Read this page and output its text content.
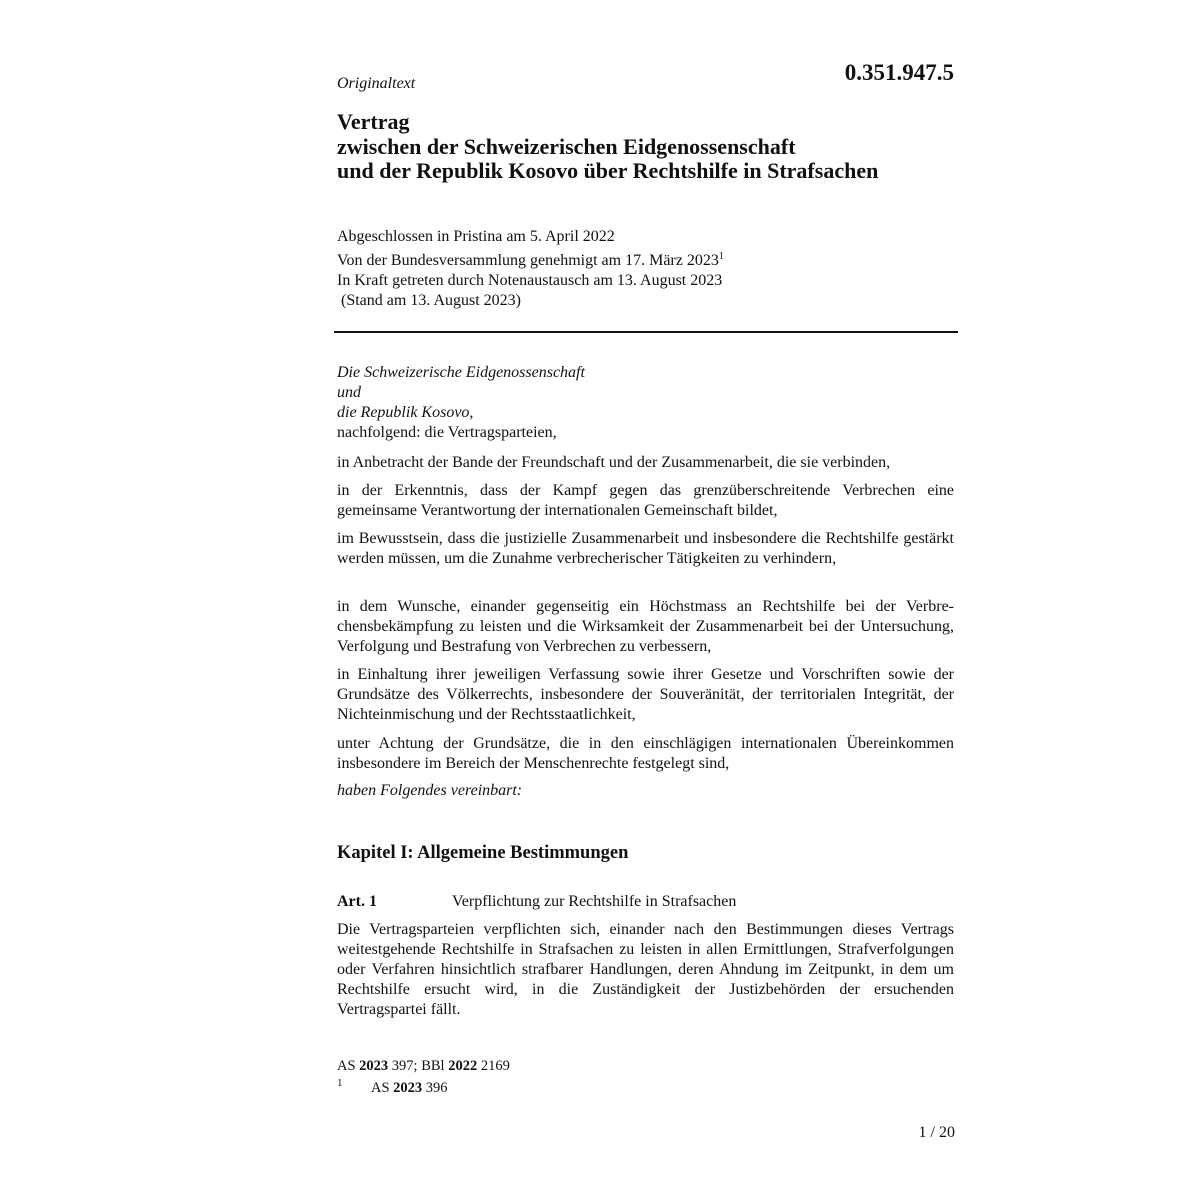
Originaltext	0.351.947.5

Vertrag
zwischen der Schweizerischen Eidgenossenschaft
und der Republik Kosovo über Rechtshilfe in Strafsachen
Abgeschlossen in Pristina am 5. April 2022
Von der Bundesversammlung genehmigt am 17. März 2023$^1$
In Kraft getreten durch Notenaustausch am 13. August 2023
(Stand am 13. August 2023)
Die Schweizerische Eidgenossenschaft
und
die Republik Kosovo,
nachfolgend: die Vertragsparteien,

in Anbetracht der Bande der Freundschaft und der Zusammenarbeit, die sie verbinden,

in der Erkenntnis, dass der Kampf gegen das grenzüberschreitende Verbrechen eine gemeinsame Verantwortung der internationalen Gemeinschaft bildet,

im Bewusstsein, dass die justizielle Zusammenarbeit und insbesondere die Rechtshilfe gestärkt werden müssen, um die Zunahme verbrecherischer Tätigkeiten zu verhindern,

in dem Wunsche, einander gegenseitig ein Höchstmass an Rechtshilfe bei der Verbrechensbekämpfung zu leisten und die Wirksamkeit der Zusammenarbeit bei der Untersuchung, Verfolgung und Bestrafung von Verbrechen zu verbessern,

in Einhaltung ihrer jeweiligen Verfassung sowie ihrer Gesetze und Vorschriften sowie der Grundsätze des Völkerrechts, insbesondere der Souveränität, der territorialen Integrität, der Nichteinmischung und der Rechtsstaatlichkeit,

unter Achtung der Grundsätze, die in den einschlägigen internationalen Übereinkommen insbesondere im Bereich der Menschenrechte festgelegt sind,

haben Folgendes vereinbart:

Kapitel I: Allgemeine Bestimmungen
Art. 1	Verpflichtung zur Rechtshilfe in Strafsachen

Die Vertragsparteien verpflichten sich, einander nach den Bestimmungen dieses Vertrags weitestgehende Rechtshilfe in Strafsachen zu leisten in allen Ermittlungen, Strafverfolgungen oder Verfahren hinsichtlich strafbarer Handlungen, deren Ahndung im Zeitpunkt, in dem um Rechtshilfe ersucht wird, in die Zuständigkeit der Justizbehörden der ersuchenden Vertragspartei fällt.

AS 2023 397; BBl 2022 2169
1 AS 2023 396
1 / 20
